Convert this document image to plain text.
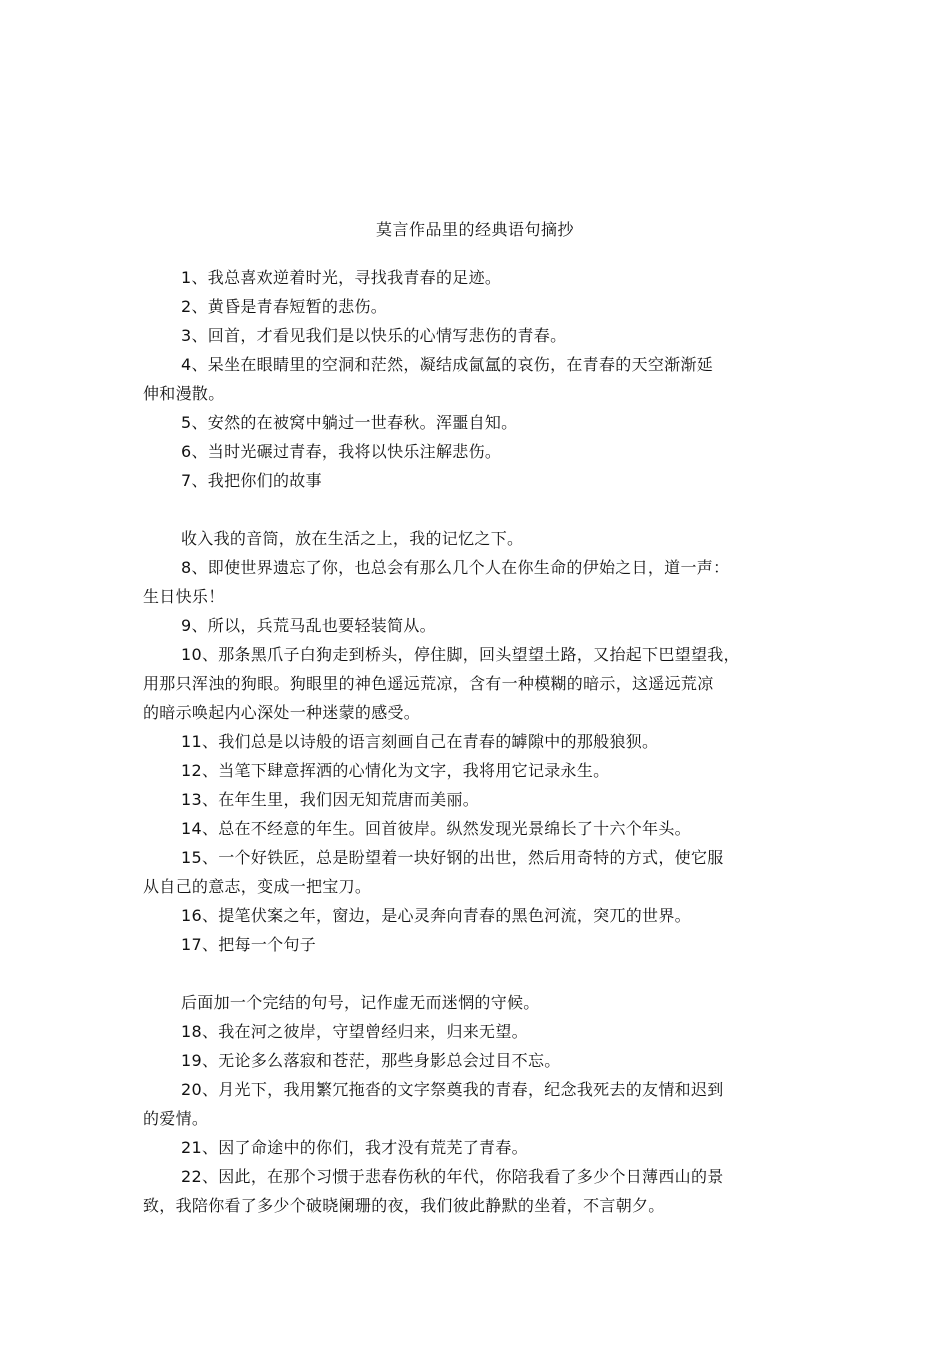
莫言作品里的经典语句摘抄
1、我总喜欢逆着时光，寻找我青春的足迹。
2、黄昏是青春短暂的悲伤。
3、回首，才看见我们是以快乐的心情写悲伤的青春。
4、呆坐在眼睛里的空洞和茫然，凝结成氤氲的哀伤，在青春的天空渐渐延
伸和漫散。
5、安然的在被窝中躺过一世春秋。浑噩自知。
6、当时光碾过青春，我将以快乐注解悲伤。
7、我把你们的故事
收入我的音筒，放在生活之上，我的记忆之下。
8、即使世界遗忘了你，也总会有那么几个人在你生命的伊始之日，道一声：
生日快乐！
9、所以，兵荒马乱也要轻装简从。
10、那条黑爪子白狗走到桥头，停住脚，回头望望土路，又抬起下巴望望我，
用那只浑浊的狗眼。狗眼里的神色遥远荒凉，含有一种模糊的暗示，这遥远荒凉
的暗示唤起内心深处一种迷蒙的感受。
11、我们总是以诗般的语言刻画自己在青春的罅隙中的那般狼狈。
12、当笔下肆意挥洒的心情化为文字，我将用它记录永生。
13、在年生里，我们因无知荒唐而美丽。
14、总在不经意的年生。回首彼岸。纵然发现光景绵长了十六个年头。
15、一个好铁匠，总是盼望着一块好钢的出世，然后用奇特的方式，使它服
从自己的意志，变成一把宝刀。
16、提笔伏案之年，窗边，是心灵奔向青春的黑色河流，突兀的世界。
17、把每一个句子
后面加一个完结的句号，记作虚无而迷惘的守候。
18、我在河之彼岸，守望曾经归来，归来无望。
19、无论多么落寂和苍茫，那些身影总会过目不忘。
20、月光下，我用繁冗拖沓的文字祭奠我的青春，纪念我死去的友情和迟到
的爱情。
21、因了命途中的你们，我才没有荒芜了青春。
22、因此，在那个习惯于悲春伤秋的年代，你陪我看了多少个日薄西山的景
致，我陪你看了多少个破晓阑珊的夜，我们彼此静默的坐着，不言朝夕。
